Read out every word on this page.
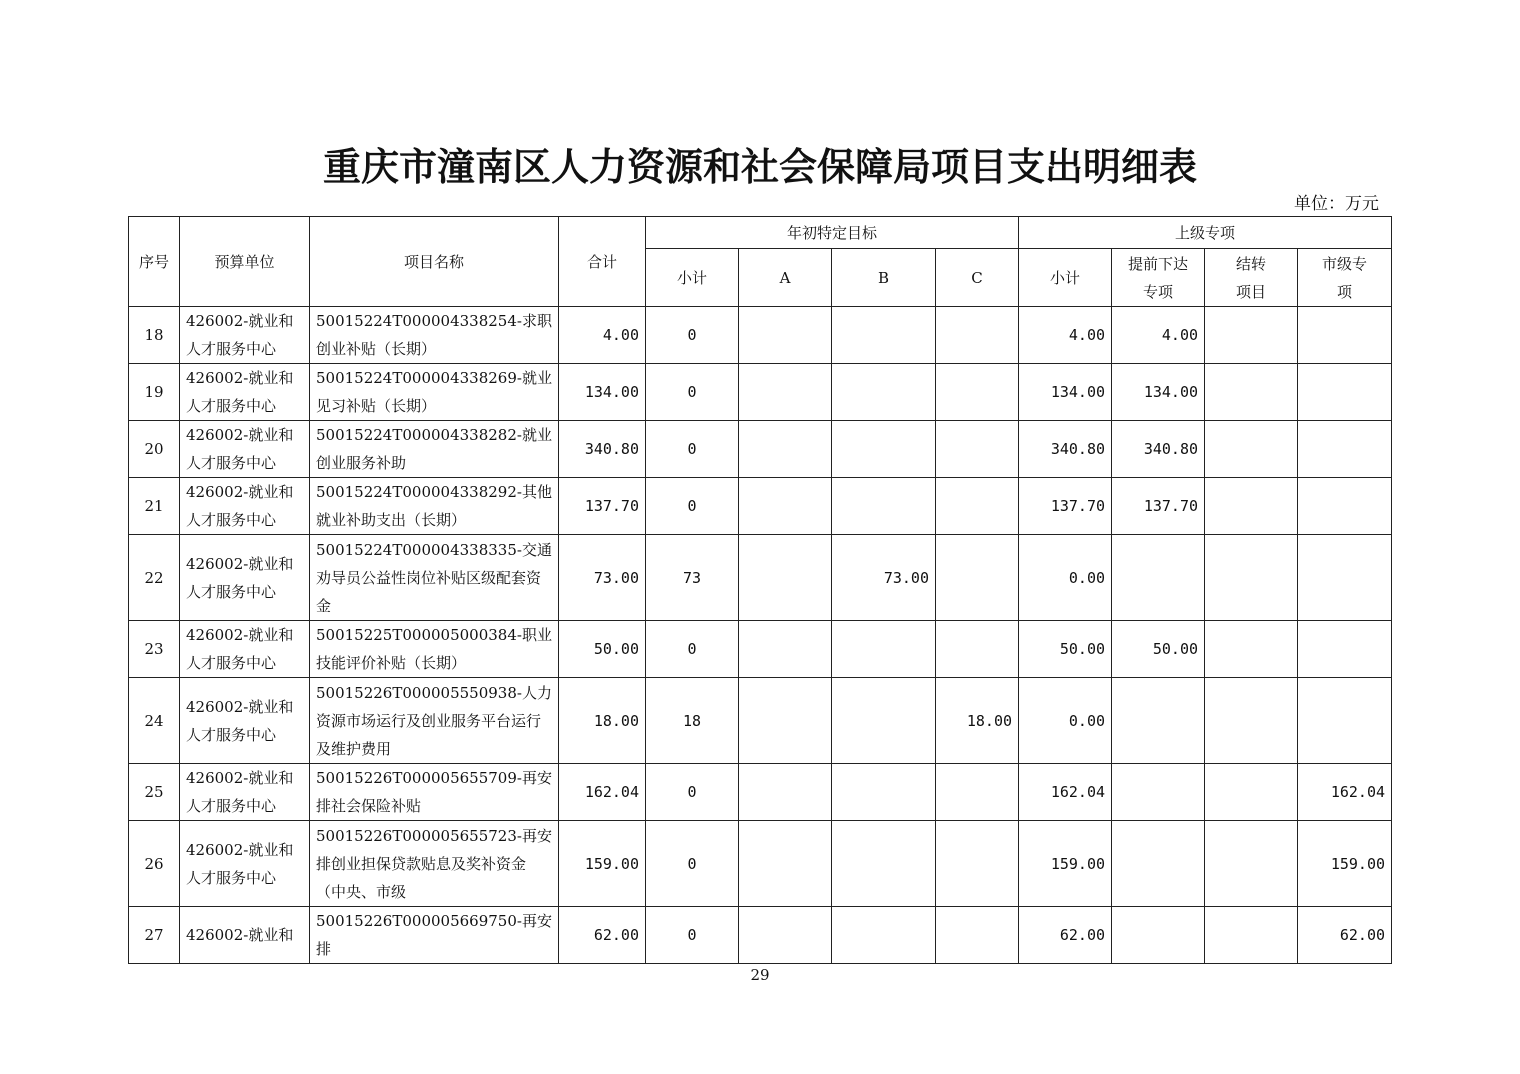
重庆市潼南区人力资源和社会保障局项目支出明细表
单位：万元
序号	预算单位	项目名称	合计	年初特定目标				上级专项			
				小计	A	B	C	小计	提前下达专项	结转项目	市级专项
18	426002-就业和人才服务中心	50015224T000004338254-求职创业补贴（长期）	4.00	0				4.00	4.00		
19	426002-就业和人才服务中心	50015224T000004338269-就业见习补贴（长期）	134.00	0				134.00	134.00		
20	426002-就业和人才服务中心	50015224T000004338282-就业创业服务补助	340.80	0				340.80	340.80		
21	426002-就业和人才服务中心	50015224T000004338292-其他就业补助支出（长期）	137.70	0				137.70	137.70		
22	426002-就业和人才服务中心	50015224T000004338335-交通劝导员公益性岗位补贴区级配套资金	73.00	73		73.00		0.00			
23	426002-就业和人才服务中心	50015225T000005000384-职业技能评价补贴（长期）	50.00	0				50.00	50.00		
24	426002-就业和人才服务中心	50015226T000005550938-人力资源市场运行及创业服务平台运行及维护费用	18.00	18			18.00	0.00			
25	426002-就业和人才服务中心	50015226T000005655709-再安排社会保险补贴	162.04	0				162.04			162.04
26	426002-就业和人才服务中心	50015226T000005655723-再安排创业担保贷款贴息及奖补资金（中央、市级	159.00	0				159.00			159.00
27	426002-就业和	50015226T000005669750-再安排	62.00	0				62.00			62.00
29
